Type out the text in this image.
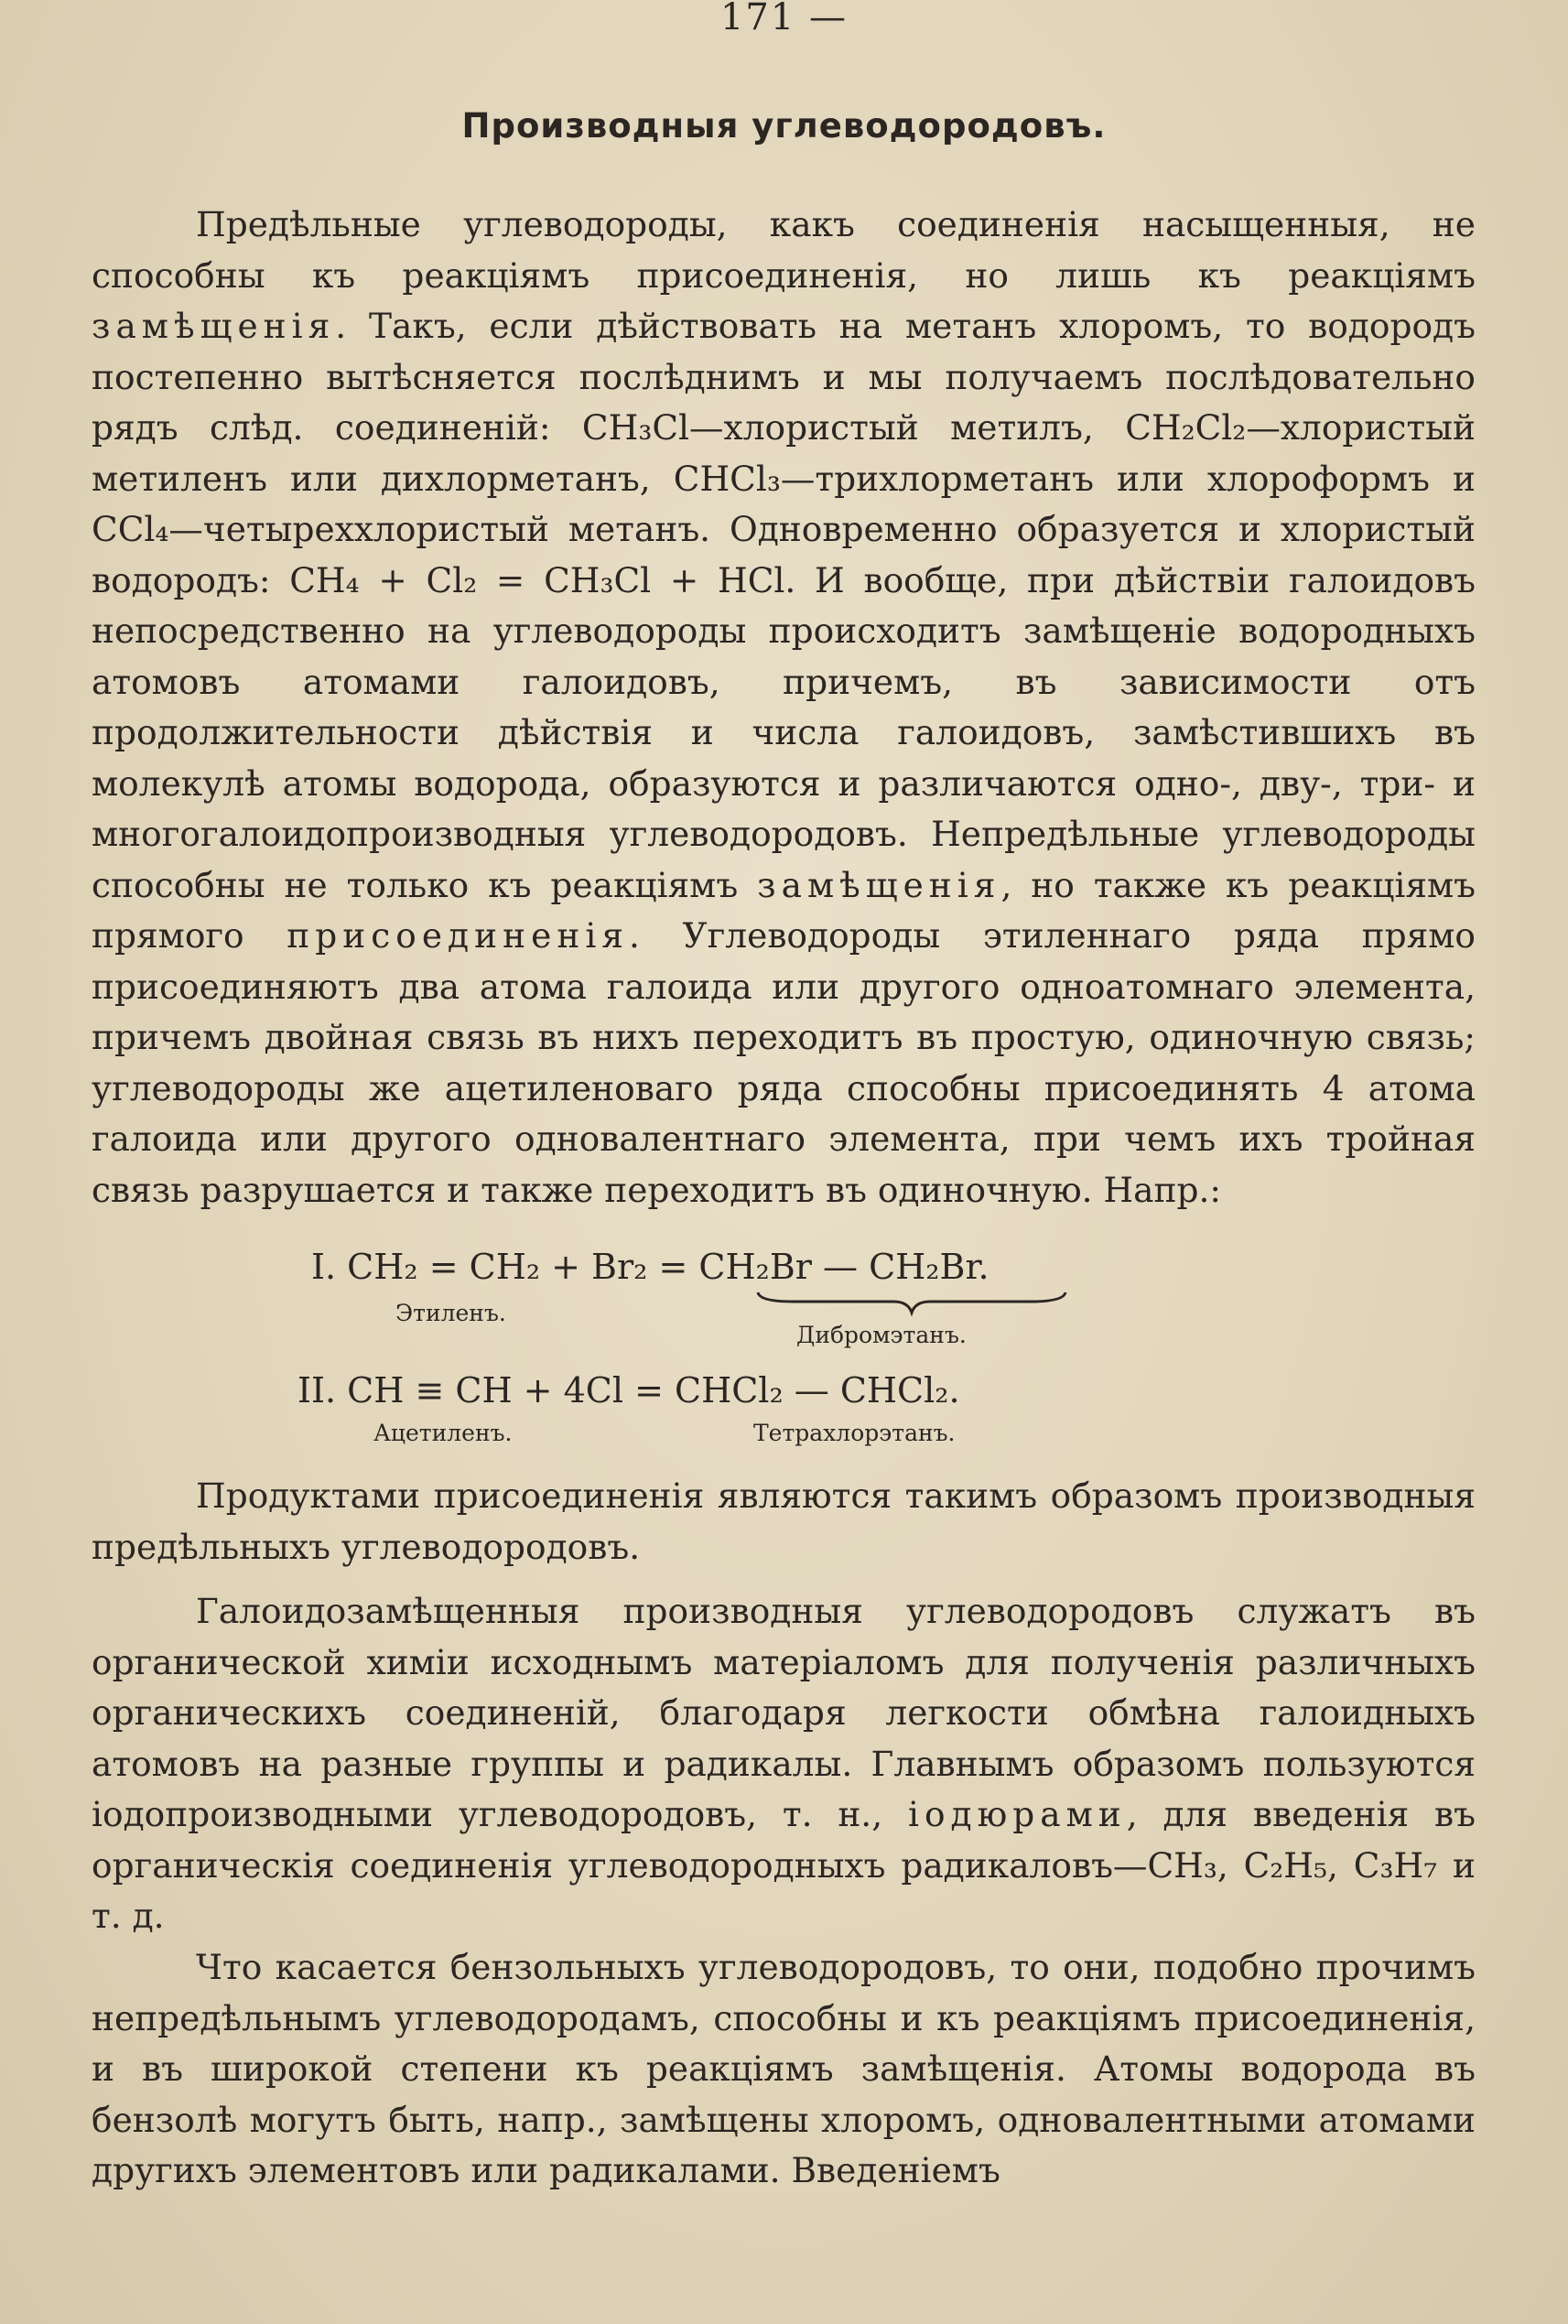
171 —
Производныя углеводородовъ.

Предѣльные углеводороды, какъ соединенія насыщенныя, не способны къ реакціямъ присоединенія, но лишь къ реакціямъ замѣщенія. Такъ, если дѣйствовать на метанъ хлоромъ, то водородъ постепенно вытѣсняется послѣднимъ и мы получаемъ послѣдовательно рядъ слѣд. соединеній: CH₃Cl—хлористый метилъ, CH₂Cl₂—хлористый метиленъ или дихлорметанъ, CHCl₃—трихлорметанъ или хлороформъ и CCl₄—четыреххлористый метанъ. Одновременно образуется и хлористый водородъ: CH₄ + Cl₂ = CH₃Cl + HCl. И вообще, при дѣйствіи галоидовъ непосредственно на углеводороды происходитъ замѣщеніе водородныхъ атомовъ атомами галоидовъ, причемъ, въ зависимости отъ продолжительности дѣйствія и числа галоидовъ, замѣстившихъ въ молекулѣ атомы водорода, образуются и различаются одно-, дву-, три- и многогалоидопроизводныя углеводородовъ. Непредѣльные углеводороды способны не только къ реакціямъ замѣщенія, но также къ реакціямъ прямого присоединенія. Углеводороды этиленнаго ряда прямо присоединяютъ два атома галоида или другого одноатомнаго элемента, причемъ двойная связь въ нихъ переходитъ въ простую, одиночную связь; углеводороды же ацетиленоваго ряда способны присоединять 4 атома галоида или другого одновалентнаго элемента, при чемъ ихъ тройная связь разрушается и также переходитъ въ одиночную. Напр.:

I. CH₂ = CH₂ + Br₂ = CH₂Br — CH₂Br.
Этиленъ.
Дибромэтанъ.
II. CH ≡ CH + 4Cl = CHCl₂ — CHCl₂.
Ацетиленъ.	Тетрахлорэтанъ.

Продуктами присоединенія являются такимъ образомъ производныя предѣльныхъ углеводородовъ.

Галоидозамѣщенныя производныя углеводородовъ служатъ въ органической химіи исходнымъ матеріаломъ для полученія различныхъ органическихъ соединеній, благодаря легкости обмѣна галоидныхъ атомовъ на разные группы и радикалы. Главнымъ образомъ пользуются іодопроизводными углеводородовъ, т. н., іодюрами, для введенія въ органическія соединенія углеводородныхъ радикаловъ—CH₃, C₂H₅, C₃H₇ и т. д.

Что касается бензольныхъ углеводородовъ, то они, подобно прочимъ непредѣльнымъ углеводородамъ, способны и къ реакціямъ присоединенія, и въ широкой степени къ реакціямъ замѣщенія. Атомы водорода въ бензолѣ могутъ быть, напр., замѣщены хлоромъ, одновалентными атомами другихъ элементовъ или радикалами. Введеніемъ
